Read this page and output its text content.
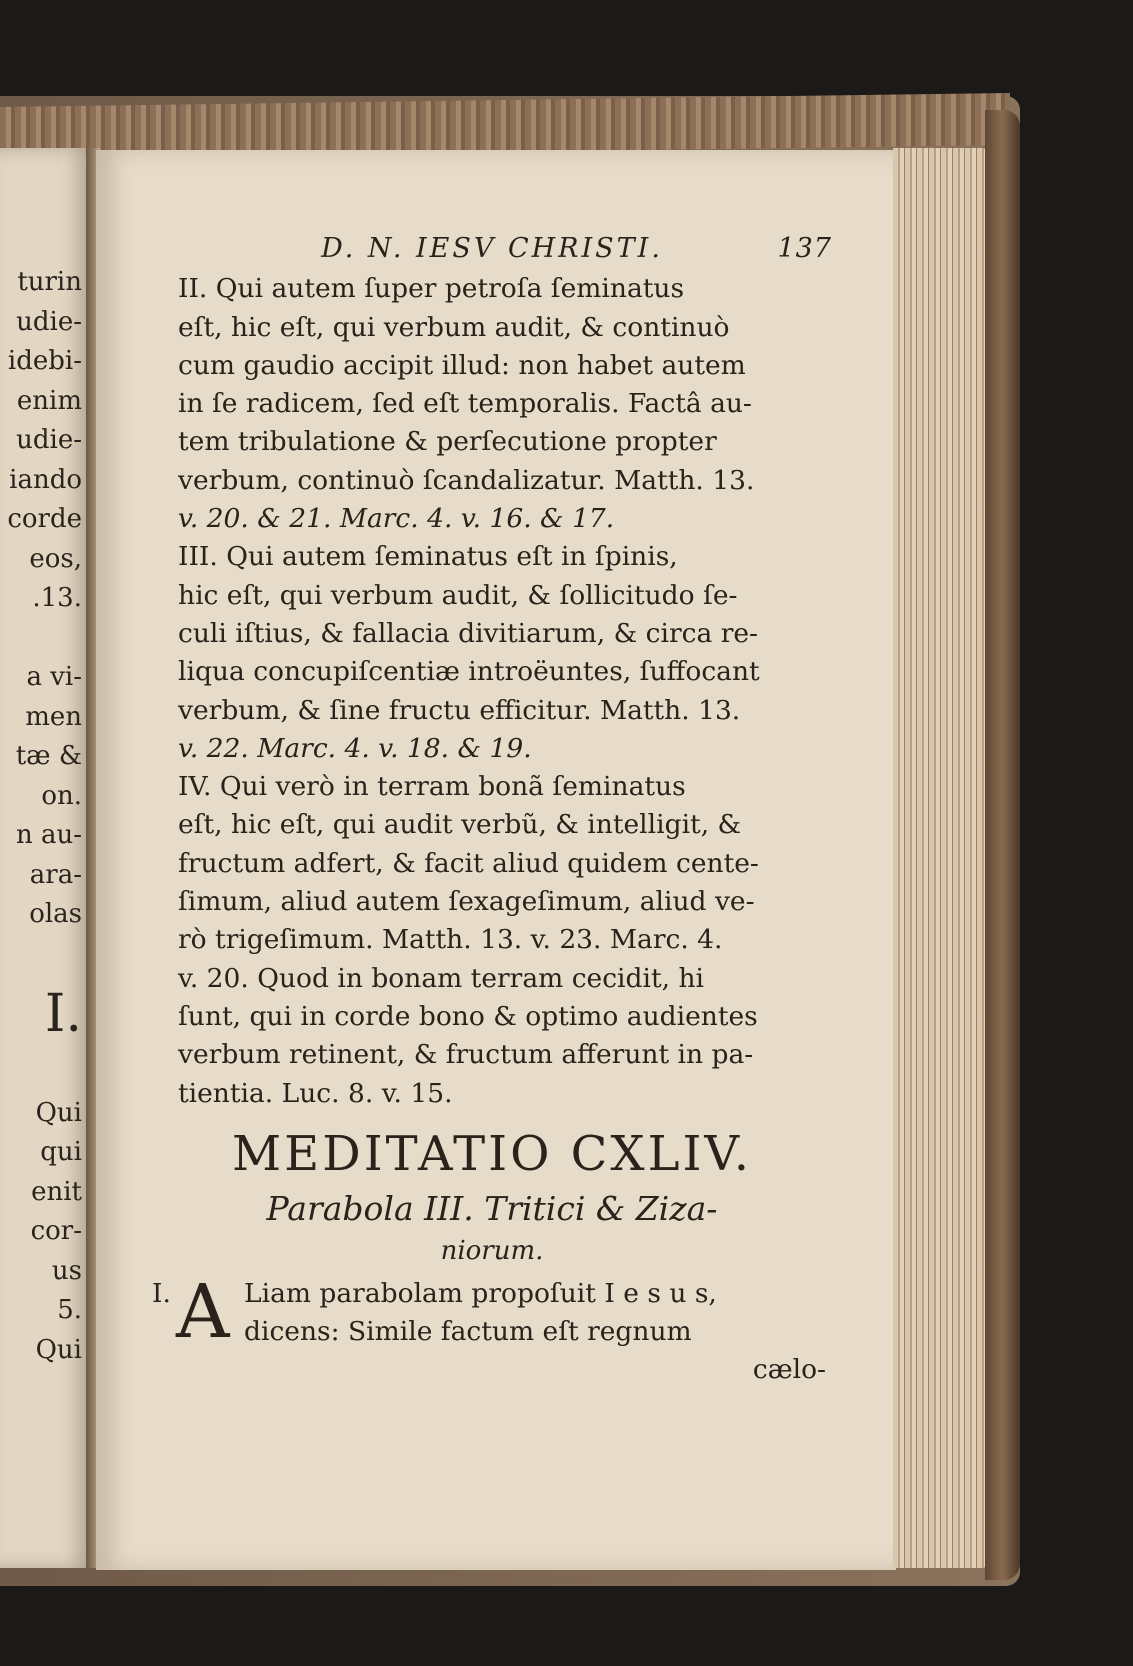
turin
udie-
idebi-
enim
udie-
iando
corde
eos,
.13.

a vi-
men
tæ &
on.
n au-
ara-
olas

I.

Qui
qui
enit
cor-
us
5.
Qui
D. N. IESV CHRISTI.	137
II. Qui autem ſuper petroſa ſeminatus
eſt, hic eſt, qui verbum audit, & continuò
cum gaudio accipit illud: non habet autem
in ſe radicem, ſed eſt temporalis. Factâ au-
tem tribulatione & perſecutione propter
verbum, continuò ſcandalizatur. Matth. 13.
v. 20. & 21. Marc. 4. v. 16. & 17.
III. Qui autem ſeminatus eſt in ſpinis,
hic eſt, qui verbum audit, & ſollicitudo ſe-
culi iſtius, & fallacia divitiarum, & circa re-
liqua concupiſcentiæ introëuntes, ſuffocant
verbum, & ſine fructu efficitur. Matth. 13.
v. 22. Marc. 4. v. 18. & 19.
IV. Qui verò in terram bonã ſeminatus
eſt, hic eſt, qui audit verbũ, & intelligit, &
fructum adfert, & facit aliud quidem cente-
ſimum, aliud autem ſexageſimum, aliud ve-
rò trigeſimum. Matth. 13. v. 23. Marc. 4.
v. 20. Quod in bonam terram cecidit, hi
ſunt, qui in corde bono & optimo audientes
verbum retinent, & fructum afferunt in pa-
tientia. Luc. 8. v. 15.
MEDITATIO CXLIV.
Parabola III. Tritici & Ziza-
niorum.
I. A Liam parabolam propoſuit I e s u s,
dicens: Simile factum eſt regnum
cælo-
